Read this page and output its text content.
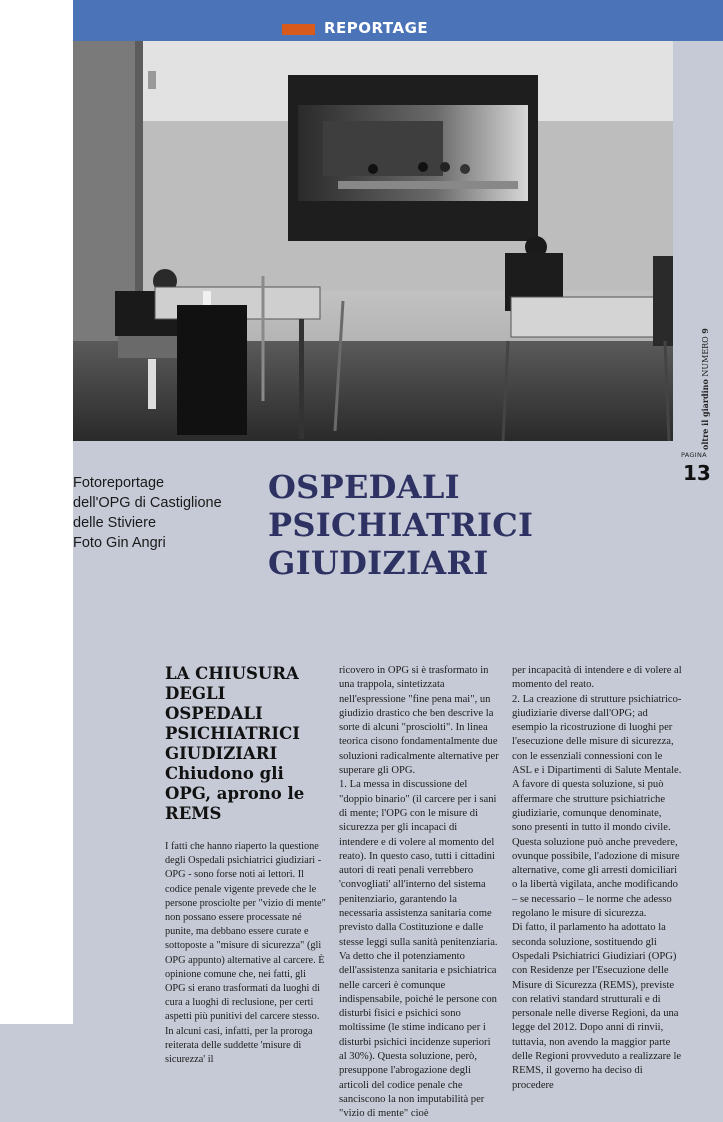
REPORTAGE
oltre il giardino NUMERO 9
PAGINA
13
Fotoreportage
dell'OPG di Castiglione
delle Stiviere
Foto Gin Angri
OSPEDALI
PSICHIATRICI
GIUDIZIARI
LA CHIUSURA DEGLI OSPEDALI PSICHIATRICI GIUDIZIARI Chiudono gli OPG, aprono le REMS

I fatti che hanno riaperto la questione degli Ospedali psichiatrici giudiziari - OPG - sono forse noti ai lettori. Il codice penale vigente prevede che le persone prosciolte per "vizio di mente" non possano essere processate né punite, ma debbano essere curate e sottoposte a "misure di sicurezza" (gli OPG appunto) alternative al carcere. È opinione comune che, nei fatti, gli OPG si erano trasformati da luoghi di cura a luoghi di reclusione, per certi aspetti più punitivi del carcere stesso. In alcuni casi, infatti, per la proroga reiterata delle suddette 'misure di sicurezza' il

ricovero in OPG si è trasformato in una trappola, sintetizzata nell'espressione "fine pena mai", un giudizio drastico che ben descrive la sorte di alcuni "prosciolti". In linea teorica cisono fondamentalmente due soluzioni radicalmente alternative per superare gli OPG.

1. La messa in discussione del "doppio binario" (il carcere per i sani di mente; l'OPG con le misure di sicurezza per gli incapaci di intendere e di volere al momento del reato). In questo caso, tutti i cittadini autori di reati penali verrebbero 'convogliati' all'interno del sistema penitenziario, garantendo la necessaria assistenza sanitaria come previsto dalla Costituzione e dalle stesse leggi sulla sanità penitenziaria. Va detto che il potenziamento dell'assistenza sanitaria e psichiatrica nelle carceri è comunque indispensabile, poiché le persone con disturbi fisici e psichici sono moltissime (le stime indicano per i disturbi psichici incidenze superiori al 30%). Questa soluzione, però, presuppone l'abrogazione degli articoli del codice penale che sanciscono la non imputabilità per "vizio di mente" cioè

per incapacità di intendere e di volere al momento del reato.

2. La creazione di strutture psichiatrico-giudiziarie diverse dall'OPG; ad esempio la ricostruzione di luoghi per l'esecuzione delle misure di sicurezza, con le essenziali connessioni con le ASL e i Dipartimenti di Salute Mentale. A favore di questa soluzione, si può affermare che strutture psichiatriche giudiziarie, comunque denominate, sono presenti in tutto il mondo civile. Questa soluzione può anche prevedere, ovunque possibile, l'adozione di misure alternative, come gli arresti domiciliari o la libertà vigilata, anche modificando – se necessario – le norme che adesso regolano le misure di sicurezza.

Di fatto, il parlamento ha adottato la seconda soluzione, sostituendo gli Ospedali Psichiatrici Giudiziari (OPG) con Residenze per l'Esecuzione delle Misure di Sicurezza (REMS), previste con relativi standard strutturali e di personale nelle diverse Regioni, da una legge del 2012. Dopo anni di rinvii, tuttavia, non avendo la maggior parte delle Regioni provveduto a realizzare le REMS, il governo ha deciso di procedere
